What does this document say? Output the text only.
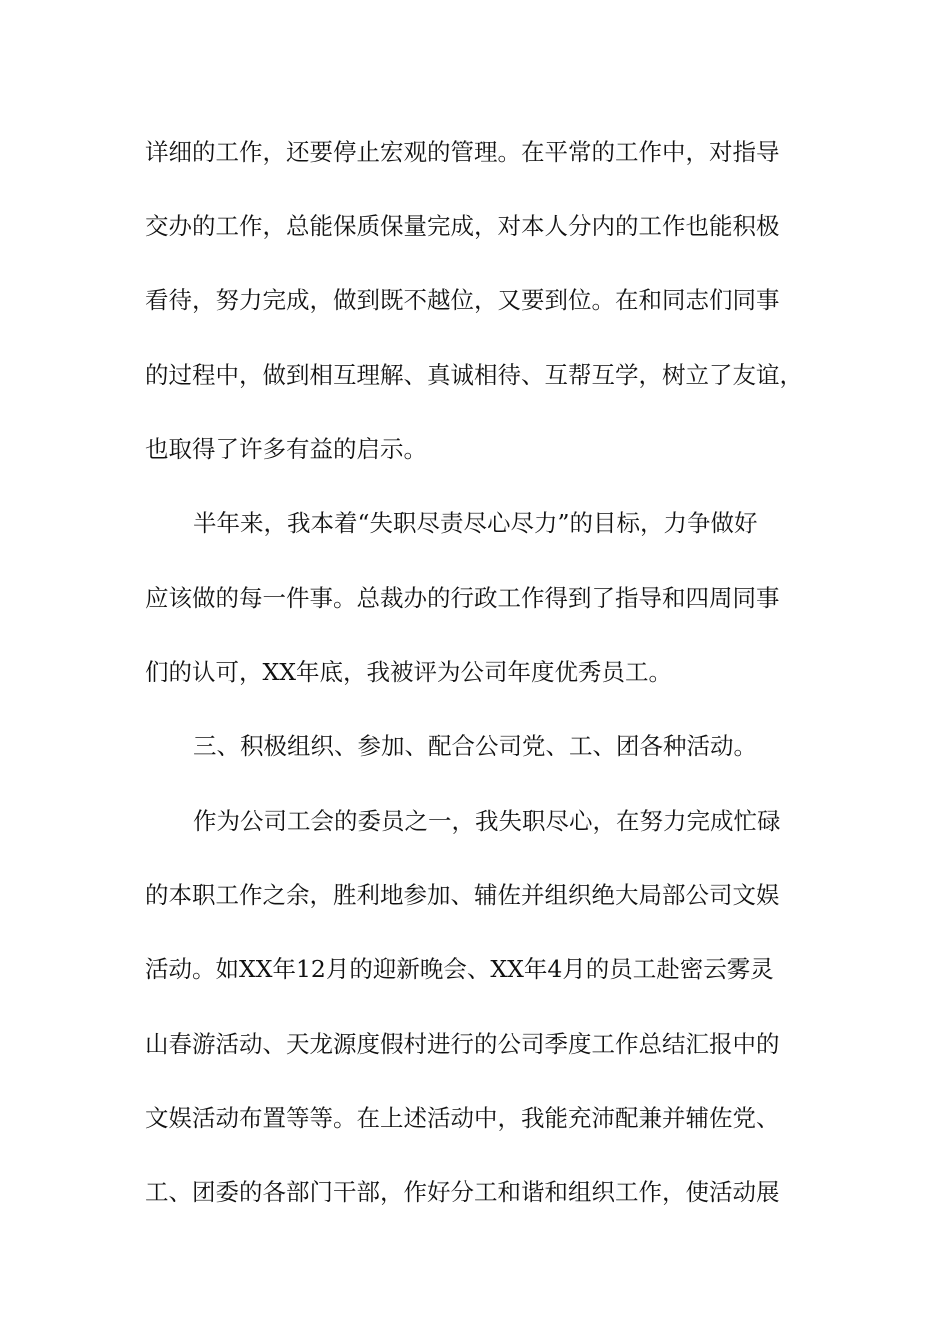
详细的工作，还要停止宏观的管理。在平常的工作中，对指导
交办的工作，总能保质保量完成，对本人分内的工作也能积极
看待，努力完成，做到既不越位，又要到位。在和同志们同事
的过程中，做到相互理解、真诚相待、互帮互学，树立了友谊，
也取得了许多有益的启示。
半年来，我本着“失职尽责尽心尽力”的目标，力争做好
应该做的每一件事。总裁办的行政工作得到了指导和四周同事
们的认可，XX年底，我被评为公司年度优秀员工。
三、积极组织、参加、配合公司党、工、团各种活动。
作为公司工会的委员之一，我失职尽心，在努力完成忙碌
的本职工作之余，胜利地参加、辅佐并组织绝大局部公司文娱
活动。如XX年12月的迎新晚会、XX年4月的员工赴密云雾灵
山春游活动、天龙源度假村进行的公司季度工作总结汇报中的
文娱活动布置等等。在上述活动中，我能充沛配兼并辅佐党、
工、团委的各部门干部，作好分工和谐和组织工作，使活动展
